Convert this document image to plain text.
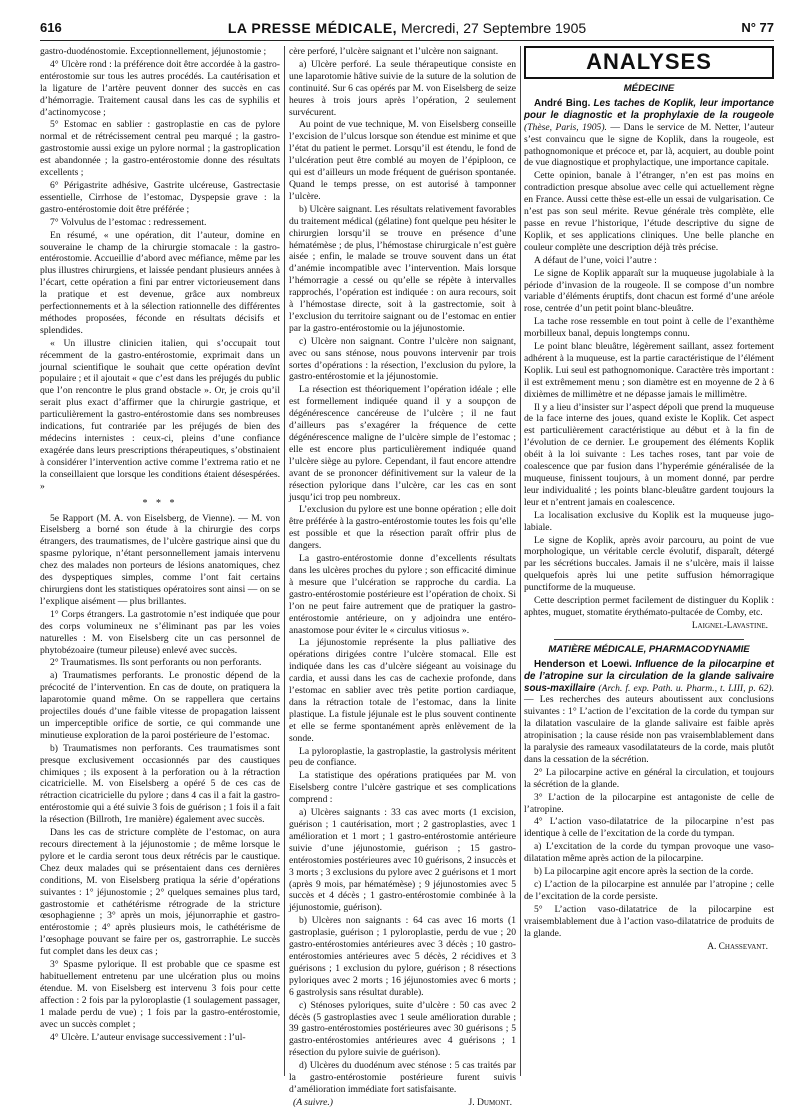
616	LA PRESSE MÉDICALE, Mercredi, 27 Septembre 1905	N° 77

gastro-duodénostomie. Exceptionnellement, jéjunostomie ;

4° Ulcère rond : la préférence doit être accordée à la gastro-entérostomie sur tous les autres procédés. La cautérisation et la ligature de l’artère peuvent donner des succès en cas d’hémorragie. Traitement causal dans les cas de syphilis et d’actinomycose ;

5° Estomac en sablier : gastroplastie en cas de pylore normal et de rétrécissement central peu marqué ; la gastro-gastrostomie aussi exige un pylore normal ; la gastroplication est abandonnée ; la gastro-entérostomie donne des résultats excellents ;

6° Périgastrite adhésive, Gastrite ulcéreuse, Gastrectasie essentielle, Cirrhose de l’estomac, Dyspepsie grave : la gastro-entérostomie doit être préférée ;

7° Volvulus de l’estomac : redressement.

En résumé, « une opération, dit l’auteur, domine en souveraine le champ de la chirurgie stomacale : la gastro-entérostomie. Accueillie d’abord avec méfiance, même par les plus illustres chirurgiens, et laissée pendant plusieurs années à l’écart, cette opération a fini par entrer victorieusement dans la pratique et est devenue, grâce aux nombreux perfectionnements et à la sélection rationnelle des différentes méthodes proposées, féconde en résultats décisifs et splendides.

« Un illustre clinicien italien, qui s’occupait tout récemment de la gastro-entérostomie, exprimait dans un journal scientifique le souhait que cette opération devînt populaire ; et il ajoutait « que c’est dans les préjugés du public que l’on rencontre le plus grand obstacle ». Or, je crois qu’il serait plus exact d’affirmer que la chirurgie gastrique, et particulièrement la gastro-entérostomie dans ses nombreuses indications, fut contrariée par les préjugés de bien des médecins internistes : ceux-ci, pleins d’une confiance exagérée dans leurs prescriptions thérapeutiques, s’obstinaient à considérer l’intervention active comme l’extrema ratio et ne la conseillaient que lorsque les conditions étaient désespérées. »

* * *

5e Rapport (M. A. von Eiselsberg, de Vienne). — M. von Eiselsberg a borné son étude à la chirurgie des corps étrangers, des traumatismes, de l’ulcère gastrique ainsi que du spasme pylorique, n’étant personnellement jamais intervenu chez des malades non porteurs de lésions anatomiques, chez des dyspeptiques simples, comme l’ont fait certains chirurgiens dont les statistiques opératoires sont ainsi — on se l’explique aisément — plus brillantes.

1° Corps étrangers. La gastrotomie n’est indiquée que pour des corps volumineux ne s’éliminant pas par les voies naturelles : M. von Eiselsberg cite un cas personnel de phytobézoaire (tumeur pileuse) enlevé avec succès.

2° Traumatismes. Ils sont perforants ou non perforants.

a) Traumatismes perforants. Le pronostic dépend de la précocité de l’intervention. En cas de doute, on pratiquera la laparotomie quand même. On se rappellera que certains projectiles doués d’une faible vitesse de propagation laissent un imperceptible orifice de sortie, ce qui commande une minutieuse exploration de la paroi postérieure de l’estomac.

b) Traumatismes non perforants. Ces traumatismes sont presque exclusivement occasionnés par des caustiques chimiques ; ils exposent à la perforation ou à la rétraction cicatricielle. M. von Eiselsberg a opéré 5 de ces cas de rétraction cicatricielle du pylore ; dans 4 cas il a fait la gastro-entérostomie qui a été suivie 3 fois de guérison ; 1 fois il a fait la résection (Billroth, 1re manière) également avec succès.

Dans les cas de stricture complète de l’estomac, on aura recours directement à la jéjunostomie ; de même lorsque le pylore et le cardia seront tous deux rétrécis par le caustique. Chez deux malades qui se présentaient dans ces dernières conditions, M. von Eiselsberg pratiqua la série d’opérations suivantes : 1° jéjunostomie ; 2° quelques semaines plus tard, gastrostomie et cathétérisme rétrograde de la stricture œsophagienne ; 3° après un mois, jéjunorraphie et gastro-entérostomie ; 4° après plusieurs mois, le cathétérisme de l’œsophage pouvant se faire per os, gastrorraphie. Le succès fut complet dans les deux cas ;

3° Spasme pylorique. Il est probable que ce spasme est habituellement entretenu par une ulcération plus ou moins étendue. M. von Eiselsberg est intervenu 3 fois pour cette affection : 2 fois par la pyloroplastie (1 soulagement passager, 1 malade perdu de vue) ; 1 fois par la gastro-entérostomie, avec un succès complet ;

4° Ulcère. L’auteur envisage successivement : l’ul-

cère perforé, l’ulcère saignant et l’ulcère non saignant.

a) Ulcère perforé. La seule thérapeutique consiste en une laparotomie hâtive suivie de la suture de la solution de continuité. Sur 6 cas opérés par M. von Eiselsberg de seize heures à trois jours après l’opération, 2 seulement survécurent.

Au point de vue technique, M. von Eiselsberg conseille l’excision de l’ulcus lorsque son étendue est minime et que l’état du patient le permet. Lorsqu’il est étendu, le fond de l’ulcération peut être comblé au moyen de l’épiploon, ce qui est d’ailleurs un mode fréquent de guérison spontanée. Quand le temps presse, on est autorisé à tamponner l’ulcère.

b) Ulcère saignant. Les résultats relativement favorables du traitement médical (gélatine) font quelque peu hésiter le chirurgien lorsqu’il se trouve en présence d’une hématémèse ; de plus, l’hémostase chirurgicale n’est guère aisée ; enfin, le malade se trouve souvent dans un état d’anémie incompatible avec l’intervention. Mais lorsque l’hémorragie a cessé ou qu’elle se répète à intervalles rapprochés, l’opération est indiquée : on aura recours, soit à l’hémostase directe, soit à la gastrectomie, soit à l’exclusion du territoire saignant ou de l’estomac en entier par la gastro-entérostomie ou la jéjunostomie.

c) Ulcère non saignant. Contre l’ulcère non saignant, avec ou sans sténose, nous pouvons intervenir par trois sortes d’opérations : la résection, l’exclusion du pylore, la gastro-entérostomie et la jéjunostomie.

La résection est théoriquement l’opération idéale ; elle est formellement indiquée quand il y a soupçon de dégénérescence cancéreuse de l’ulcère ; il ne faut d’ailleurs pas s’exagérer la fréquence de cette dégénérescence maligne de l’ulcère simple de l’estomac ; elle est encore plus particulièrement indiquée quand l’ulcère siège au pylore. Cependant, il faut encore attendre avant de se prononcer définitivement sur la valeur de la résection pylorique dans l’ulcère, car les cas en sont jusqu’ici trop peu nombreux.

L’exclusion du pylore est une bonne opération ; elle doit être préférée à la gastro-entérostomie toutes les fois qu’elle est possible et que la résection paraît offrir plus de dangers.

La gastro-entérostomie donne d’excellents résultats dans les ulcères proches du pylore ; son efficacité diminue à mesure que l’ulcération se rapproche du cardia. La gastro-entérostomie postérieure est l’opération de choix. Si l’on ne peut faire autrement que de pratiquer la gastro-entérostomie antérieure, on y adjoindra une entéro-anastomose pour éviter le « circulus vitiosus ».

La jéjunostomie représente la plus palliative des opérations dirigées contre l’ulcère stomacal. Elle est indiquée dans les cas d’ulcère siégeant au voisinage du cardia, et aussi dans les cas de cachexie profonde, dans l’estomac en sablier avec très petite portion cardiaque, dans la rétraction totale de l’estomac, dans la linite plastique. La fistule jéjunale est le plus souvent continente et elle se ferme spontanément après enlèvement de la sonde.

La pyloroplastie, la gastroplastie, la gastrolysis méritent peu de confiance.

La statistique des opérations pratiquées par M. von Eiselsberg contre l’ulcère gastrique et ses complications comprend :

a) Ulcères saignants : 33 cas avec morts (1 excision, guérison ; 1 cautérisation, mort ; 2 gastroplasties, avec 1 amélioration et 1 mort ; 1 gastro-entérostomie antérieure suivie d’une jéjunostomie, guérison ; 15 gastro-entérostomies postérieures avec 10 guérisons, 2 insuccès et 3 morts ; 3 exclusions du pylore avec 2 guérisons et 1 mort (après 9 mois, par hématémèse) ; 9 jéjunostomies avec 5 succès et 4 décès ; 1 gastro-entérostomie combinée à la jéjunostomie, guérison).

b) Ulcères non saignants : 64 cas avec 16 morts (1 gastroplasie, guérison ; 1 pyloroplastie, perdu de vue ; 20 gastro-entérostomies antérieures avec 3 décès ; 10 gastro-entérostomies antérieures avec 5 décès, 2 récidives et 3 guérisons ; 1 exclusion du pylore, guérison ; 8 résections pyloriques avec 2 morts ; 16 jéjunostomies avec 6 morts ; 6 gastrolysis sans résultat durable).

c) Sténoses pyloriques, suite d’ulcère : 50 cas avec 2 décès (5 gastroplasties avec 1 seule amélioration durable ; 39 gastro-entérostomies postérieures avec 30 guérisons ; 5 gastro-entérostomies antérieures avec 4 guérisons ; 1 résection du pylore suivie de guérison).

d) Ulcères du duodénum avec sténose : 5 cas traités par la gastro-entérostomie postérieure furent suivis d’amélioration immédiate fort satisfaisante.

(A suivre.)	J. Dumont.
ANALYSES
MÉDECINE

André Bing. Les taches de Koplik, leur importance pour le diagnostic et la prophylaxie de la rougeole (Thèse, Paris, 1905). — Dans le service de M. Netter, l’auteur s’est convaincu que le signe de Koplik, dans la rougeole, est pathognomonique et précoce et, par là, acquiert, au double point de vue diagnostique et prophylactique, une importance capitale.

Cette opinion, banale à l’étranger, n’en est pas moins en contradiction presque absolue avec celle qui actuellement règne en France. Aussi cette thèse est-elle un essai de vulgarisation. Ce n’est pas son seul mérite. Revue générale très complète, elle passe en revue l’historique, l’étude descriptive du signe de Koplik, et ses applications cliniques. Une belle planche en couleur complète une description déjà très précise.

A défaut de l’une, voici l’autre :

Le signe de Koplik apparaît sur la muqueuse jugolabiale à la période d’invasion de la rougeole. Il se compose d’un nombre variable d’éléments éruptifs, dont chacun est formé d’une aréole rose, centrée d’un petit point blanc-bleuâtre.

La tache rose ressemble en tout point à celle de l’exanthème morbilleux banal, depuis longtemps connu.

Le point blanc bleuâtre, légèrement saillant, assez fortement adhérent à la muqueuse, est la partie caractéristique de l’élément Koplik. Lui seul est pathognomonique. Caractère très important : il est extrêmement menu ; son diamètre est en moyenne de 2 à 6 dixièmes de millimètre et ne dépasse jamais le millimètre.

Il y a lieu d’insister sur l’aspect dépoli que prend la muqueuse de la face interne des joues, quand existe le Koplik. Cet aspect est particulièrement caractéristique au début et à la fin de l’évolution de ce dernier. Le groupement des éléments Koplik obéit à la loi suivante : Les taches roses, tant par voie de coalescence que par fusion dans l’hyperémie généralisée de la muqueuse, finissent toujours, à un moment donné, par perdre leur individualité ; les points blanc-bleuâtre gardent toujours la leur et n’entrent jamais en coalescence.

La localisation exclusive du Koplik est la muqueuse jugo-labiale.

Le signe de Koplik, après avoir parcouru, au point de vue morphologique, un véritable cercle évolutif, disparaît, détergé par les sécrétions buccales. Jamais il ne s’ulcère, mais il laisse quelquefois après lui une petite suffusion hémorragique punctiforme de la muqueuse.

Cette description permet facilement de distinguer du Koplik : aphtes, muguet, stomatite érythémato-pultacée de Comby, etc.

Laignel-Lavastine.
MATIÈRE MÉDICALE, PHARMACODYNAMIE

Henderson et Loewi. Influence de la pilocarpine et de l’atropine sur la circulation de la glande salivaire sous-maxillaire (Arch. f. exp. Path. u. Pharm., t. LIII, p. 62). — Les recherches des auteurs aboutissent aux conclusions suivantes : 1° L’action de l’excitation de la corde du tympan sur la dilatation vasculaire de la glande salivaire est faible après atropinisation ; la cause réside non pas vraisemblablement dans la paralysie des rameaux vasodilatateurs de la corde, mais plutôt dans la cessation de la sécrétion.

2° La pilocarpine active en général la circulation, et toujours la sécrétion de la glande.

3° L’action de la pilocarpine est antagoniste de celle de l’atropine.

4° L’action vaso-dilatatrice de la pilocarpine n’est pas identique à celle de l’excitation de la corde du tympan.

a) L’excitation de la corde du tympan provoque une vaso-dilatation même après action de la pilocarpine.

b) La pilocarpine agit encore après la section de la corde.

c) L’action de la pilocarpine est annulée par l’atropine ; celle de l’excitation de la corde persiste.

5° L’action vaso-dilatatrice de la pilocarpine est vraisemblablement due à l’action vaso-dilatatrice de produits de la glande.

A. Chassevant.
